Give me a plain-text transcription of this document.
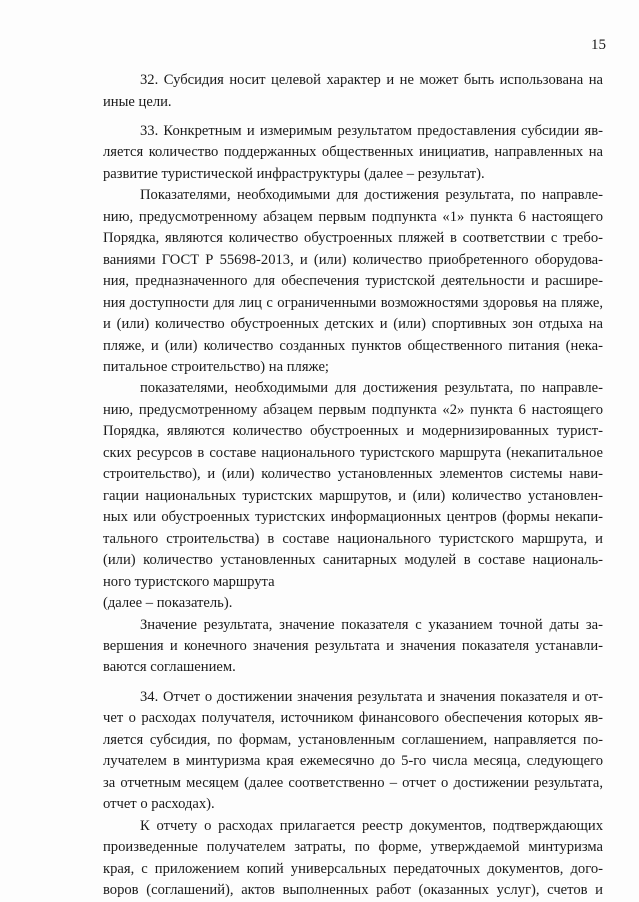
15
32. Субсидия носит целевой характер и не может быть использована на
иные цели.
33. Конкретным и измеримым результатом предоставления субсидии яв-
ляется количество поддержанных общественных инициатив, направленных на
развитие туристической инфраструктуры (далее – результат).
Показателями, необходимыми для достижения результата, по направле-
нию, предусмотренному абзацем первым подпункта «1» пункта 6 настоящего
Порядка, являются количество обустроенных пляжей в соответствии с требо-
ваниями ГОСТ Р 55698-2013, и (или) количество приобретенного оборудова-
ния, предназначенного для обеспечения туристской деятельности и расшире-
ния доступности для лиц с ограниченными возможностями здоровья на пляже,
и (или) количество обустроенных детских и (или) спортивных зон отдыха на
пляже, и (или) количество созданных пунктов общественного питания (нека-
питальное строительство) на пляже;
показателями, необходимыми для достижения результата, по направле-
нию, предусмотренному абзацем первым подпункта «2» пункта 6 настоящего
Порядка, являются количество обустроенных и модернизированных турист-
ских ресурсов в составе национального туристского маршрута (некапитальное
строительство), и (или) количество установленных элементов системы нави-
гации национальных туристских маршрутов, и (или) количество установлен-
ных или обустроенных туристских информационных центров (формы некапи-
тального строительства) в составе национального туристского маршрута, и
(или) количество установленных санитарных модулей в составе националь-
ного туристского маршрута
(далее – показатель).
Значение результата, значение показателя с указанием точной даты за-
вершения и конечного значения результата и значения показателя устанавли-
ваются соглашением.
34. Отчет о достижении значения результата и значения показателя и от-
чет о расходах получателя, источником финансового обеспечения которых яв-
ляется субсидия, по формам, установленным соглашением, направляется по-
лучателем в минтуризма края ежемесячно до 5-го числа месяца, следующего
за отчетным месяцем (далее соответственно – отчет о достижении результата,
отчет о расходах).
К отчету о расходах прилагается реестр документов, подтверждающих
произведенные получателем затраты, по форме, утверждаемой минтуризма
края, с приложением копий универсальных передаточных документов, дого-
воров (соглашений), актов выполненных работ (оказанных услуг), счетов и
